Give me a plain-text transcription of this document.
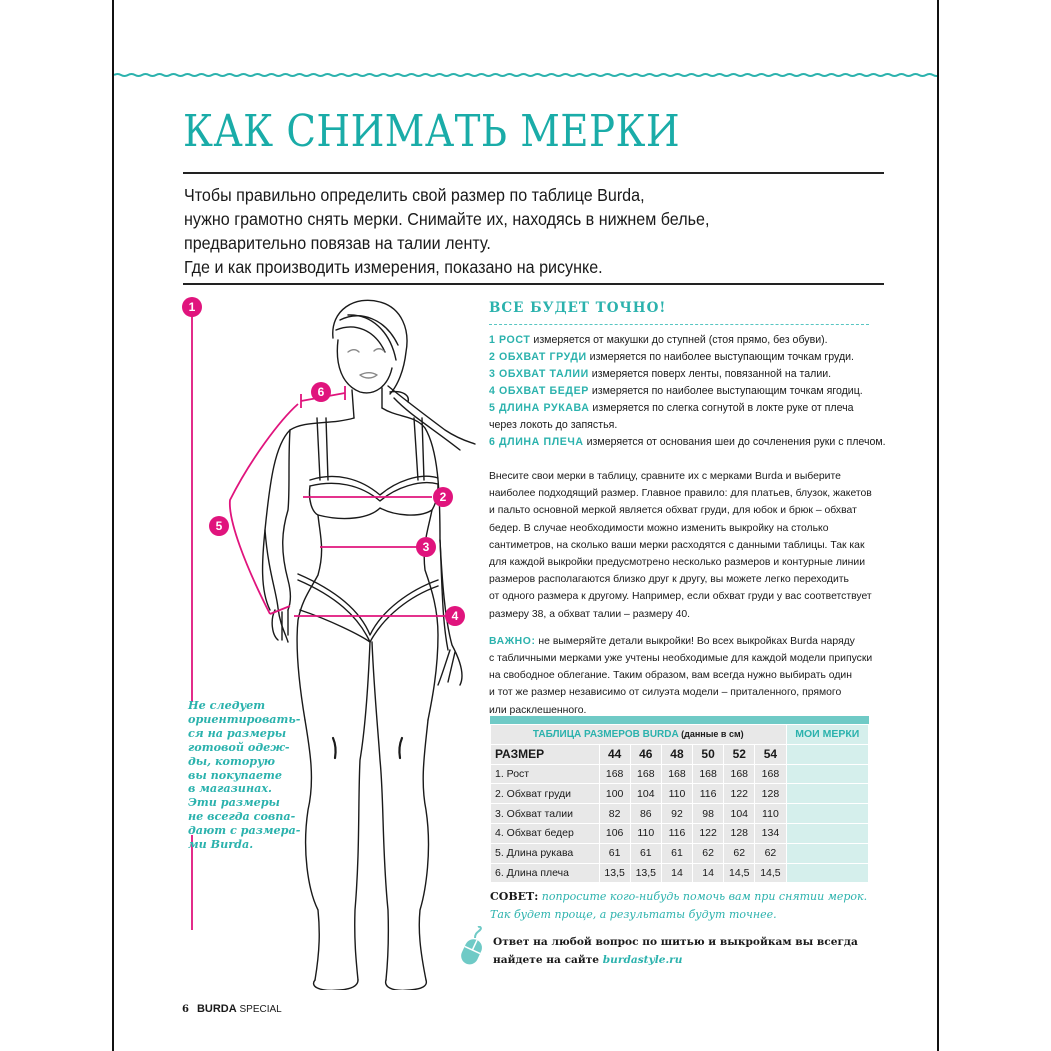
КАК СНИМАТЬ МЕРКИ
Чтобы правильно определить свой размер по таблице Burda,
нужно грамотно снять мерки. Снимайте их, находясь в нижнем белье,
предварительно повязав на талии ленту.
Где и как производить измерения, показано на рисунке.
1
2
3
4
5
6
Не следует
ориентировать-
ся на размеры
готовой одеж-
ды, которую
вы покупаете
в магазинах.
Эти размеры
не всегда совпа-
дают с размера-
ми Burda.
ВСЕ БУДЕТ ТОЧНО!
1 РОСТ измеряется от макушки до ступней (стоя прямо, без обуви).
2 ОБХВАТ ГРУДИ измеряется по наиболее выступающим точкам груди.
3 ОБХВАТ ТАЛИИ измеряется поверх ленты, повязанной на талии.
4 ОБХВАТ БЕДЕР измеряется по наиболее выступающим точкам ягодиц.
5 ДЛИНА РУКАВА измеряется по слегка согнутой в локте руке от плеча
через локоть до запястья.
6 ДЛИНА ПЛЕЧА измеряется от основания шеи до сочленения руки с плечом.
Внесите свои мерки в таблицу, сравните их с мерками Burda и выберите
наиболее подходящий размер. Главное правило: для платьев, блузок, жакетов
и пальто основной меркой является обхват груди, для юбок и брюк – обхват
бедер. В случае необходимости можно изменить выкройку на столько
сантиметров, на сколько ваши мерки расходятся с данными таблицы. Так как
для каждой выкройки предусмотрено несколько размеров и контурные линии
размеров располагаются близко друг к другу, вы можете легко переходить
от одного размера к другому. Например, если обхват груди у вас соответствует
размеру 38, а обхват талии – размеру 40.
ВАЖНО: не вымеряйте детали выкройки! Во всех выкройках Burda наряду
с табличными мерками уже учтены необходимые для каждой модели припуски
на свободное облегание. Таким образом, вам всегда нужно выбирать один
и тот же размер независимо от силуэта модели – приталенного, прямого
или расклешенного.
ТАБЛИЦА РАЗМЕРОВ BURDA (данные в см)							МОИ МЕРКИ
РАЗМЕР	44	46	48	50	52	54	
1. Рост	168	168	168	168	168	168	
2. Обхват груди	100	104	110	116	122	128	
3. Обхват талии	82	86	92	98	104	110	
4. Обхват бедер	106	110	116	122	128	134	
5. Длина рукава	61	61	61	62	62	62	
6. Длина плеча	13,5	13,5	14	14	14,5	14,5	
СОВЕТ: попросите кого-нибудь помочь вам при снятии мерок.
Так будет проще, а результаты будут точнее.
Ответ на любой вопрос по шитью и выкройкам вы всегда
найдете на сайте burdastyle.ru
6 BURDA SPECIAL
